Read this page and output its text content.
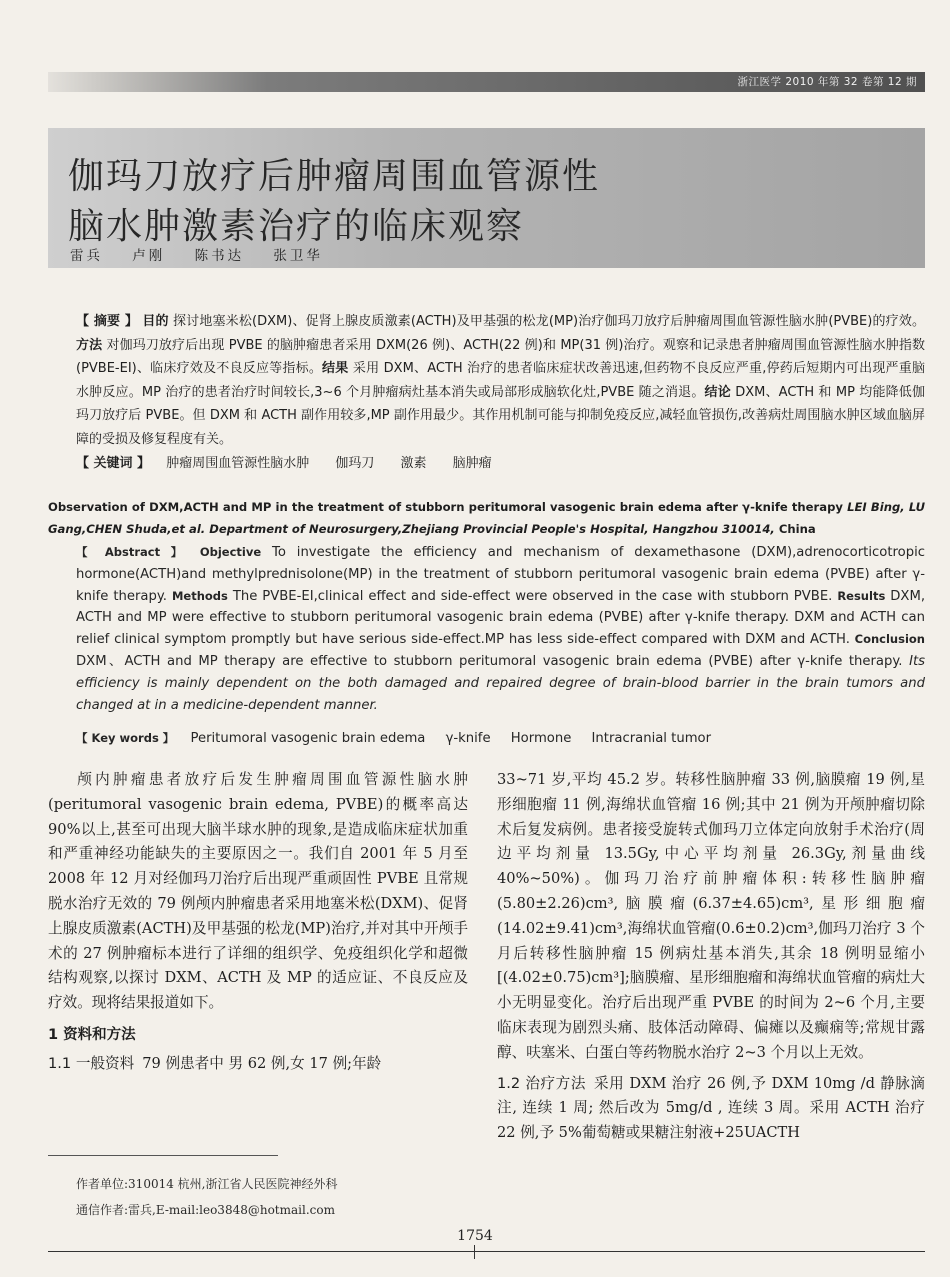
浙江医学 2010 年第 32 卷第 12 期
伽玛刀放疗后肿瘤周围血管源性
脑水肿激素治疗的临床观察
雷兵 卢刚 陈书达 张卫华
【 摘要 】 目的 探讨地塞米松(DXM)、促肾上腺皮质激素(ACTH)及甲基强的松龙(MP)治疗伽玛刀放疗后肿瘤周围血管源性脑水肿(PVBE)的疗效。方法 对伽玛刀放疗后出现 PVBE 的脑肿瘤患者采用 DXM(26 例)、ACTH(22 例)和 MP(31 例)治疗。观察和记录患者肿瘤周围血管源性脑水肿指数(PVBE-EI)、临床疗效及不良反应等指标。结果 采用 DXM、ACTH 治疗的患者临床症状改善迅速,但药物不良反应严重,停药后短期内可出现严重脑水肿反应。MP 治疗的患者治疗时间较长,3~6 个月肿瘤病灶基本消失或局部形成脑软化灶,PVBE 随之消退。结论 DXM、ACTH 和 MP 均能降低伽玛刀放疗后 PVBE。但 DXM 和 ACTH 副作用较多,MP 副作用最少。其作用机制可能与抑制免疫反应,减轻血管损伤,改善病灶周围脑水肿区域血脑屏障的受损及修复程度有关。
【 关键词 】 肿瘤周围血管源性脑水肿 伽玛刀 激素 脑肿瘤
Observation of DXM,ACTH and MP in the treatment of stubborn peritumoral vasogenic brain edema after γ-knife therapy LEI Bing, LU Gang,CHEN Shuda,et al. Department of Neurosurgery,Zhejiang Provincial People's Hospital, Hangzhou 310014, China
【 Abstract 】 Objective To investigate the efficiency and mechanism of dexamethasone (DXM),adrenocorticotropic hormone(ACTH)and methylprednisolone(MP) in the treatment of stubborn peritumoral vasogenic brain edema (PVBE) after γ-knife therapy. Methods The PVBE-EI,clinical effect and side-effect were observed in the case with stubborn PVBE. Results DXM, ACTH and MP were effective to stubborn peritumoral vasogenic brain edema (PVBE) after γ-knife therapy. DXM and ACTH can relief clinical symptom promptly but have serious side-effect.MP has less side-effect compared with DXM and ACTH. Conclusion DXM、ACTH and MP therapy are effective to stubborn peritumoral vasogenic brain edema (PVBE) after γ-knife therapy. Its efficiency is mainly dependent on the both damaged and repaired degree of brain-blood barrier in the brain tumors and changed at in a medicine-dependent manner.
【 Key words 】 Peritumoral vasogenic brain edema γ-knife Hormone Intracranial tumor

颅内肿瘤患者放疗后发生肿瘤周围血管源性脑水肿(peritumoral vasogenic brain edema, PVBE)的概率高达 90%以上,甚至可出现大脑半球水肿的现象,是造成临床症状加重和严重神经功能缺失的主要原因之一。我们自 2001 年 5 月至 2008 年 12 月对经伽玛刀治疗后出现严重顽固性 PVBE 且常规脱水治疗无效的 79 例颅内肿瘤患者采用地塞米松(DXM)、促肾上腺皮质激素(ACTH)及甲基强的松龙(MP)治疗,并对其中开颅手术的 27 例肿瘤标本进行了详细的组织学、免疫组织化学和超微结构观察,以探讨 DXM、ACTH 及 MP 的适应证、不良反应及疗效。现将结果报道如下。

1 资料和方法

1.1 一般资料 79 例患者中 男 62 例,女 17 例;年龄

33~71 岁,平均 45.2 岁。转移性脑肿瘤 33 例,脑膜瘤 19 例,星形细胞瘤 11 例,海绵状血管瘤 16 例;其中 21 例为开颅肿瘤切除术后复发病例。患者接受旋转式伽玛刀立体定向放射手术治疗(周边平均剂量 13.5Gy,中心平均剂量 26.3Gy,剂量曲线 40%~50%)。伽玛刀治疗前肿瘤体积:转移性脑肿瘤(5.80±2.26)cm³,脑膜瘤(6.37±4.65)cm³,星形细胞瘤(14.02±9.41)cm³,海绵状血管瘤(0.6±0.2)cm³,伽玛刀治疗 3 个月后转移性脑肿瘤 15 例病灶基本消失,其余 18 例明显缩小[(4.02±0.75)cm³];脑膜瘤、星形细胞瘤和海绵状血管瘤的病灶大小无明显变化。治疗后出现严重 PVBE 的时间为 2~6 个月,主要临床表现为剧烈头痛、肢体活动障碍、偏瘫以及癫痫等;常规甘露醇、呋塞米、白蛋白等药物脱水治疗 2~3 个月以上无效。

1.2 治疗方法 采用 DXM 治疗 26 例,予 DXM 10mg /d 静脉滴注, 连续 1 周; 然后改为 5mg/d , 连续 3 周。采用 ACTH 治疗 22 例,予 5%葡萄糖或果糖注射液+25UACTH

作者单位:310014 杭州,浙江省人民医院神经外科
通信作者:雷兵,E-mail:leo3848@hotmail.com
1754
